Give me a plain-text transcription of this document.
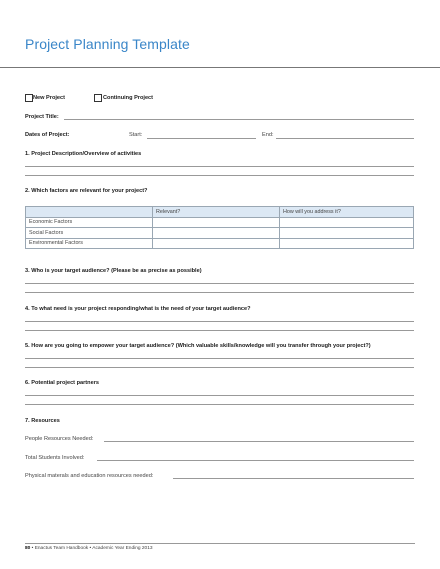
Project Planning Template
New Project	Continuing Project
Project Title:
Dates of Project:	Start:	End:
1. Project Description/Overview of activities
2. Which factors are relevant for your project?
	Relevant?	How will you address it?
Economic Factors		
Social Factors		
Environmental Factors		
3. Who is your target audience? (Please be as precise as possible)
4. To what need is your project responding/what is the need of your target audience?
5. How are you going to empower your target audience? (Which valuable skills/knowledge will you transfer through your project?)
6. Potential project partners
7. Resources
People Resources Needed:
Total Students Involved:
Physical materals and education resources needed:
80 • Enactus Team Handbook • Academic Year Ending 2013
